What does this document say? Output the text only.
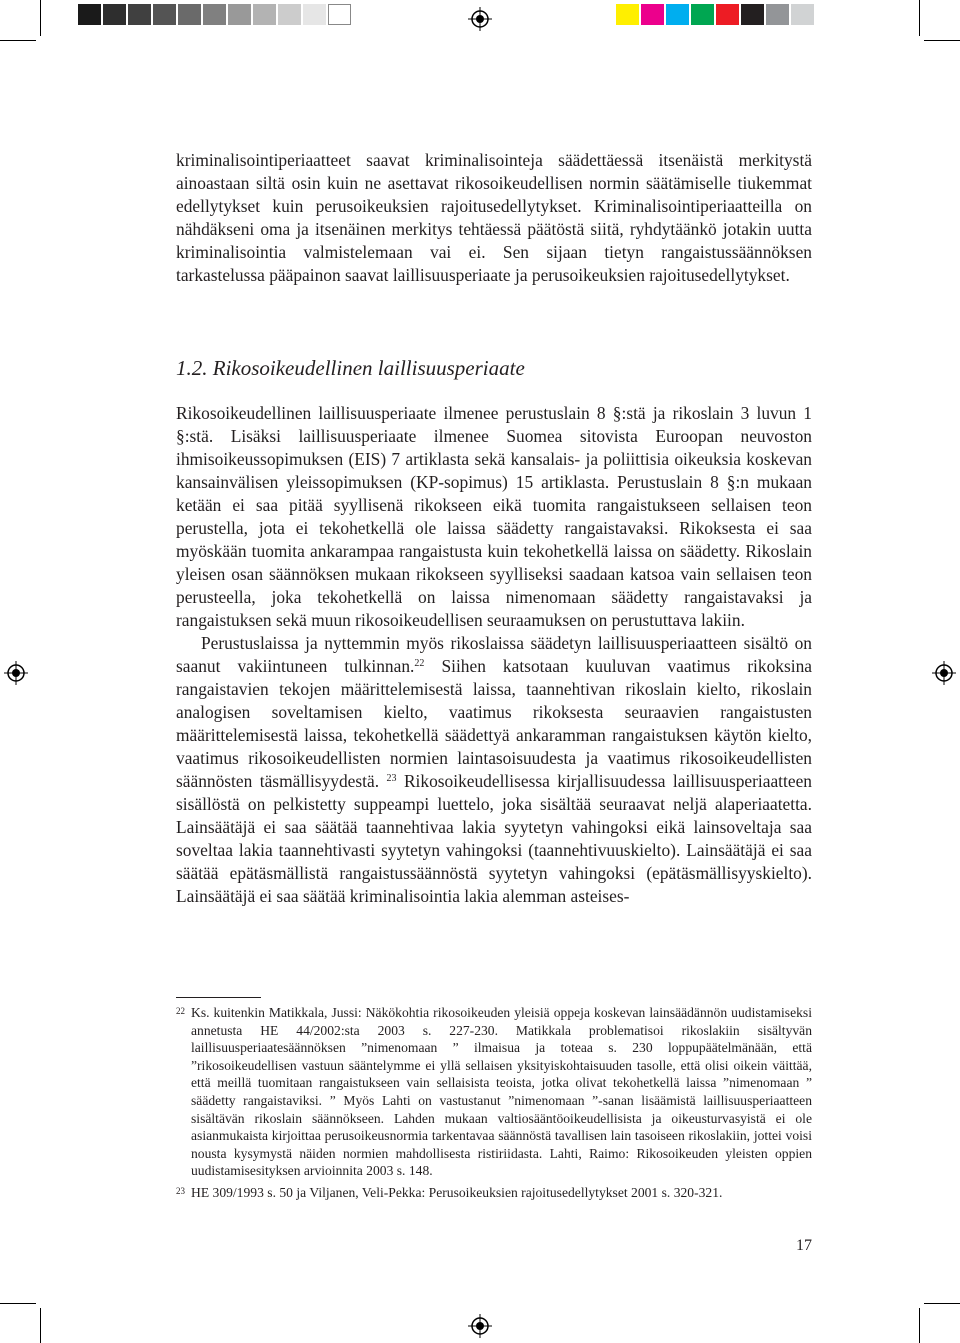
kriminalisointiperiaatteet saavat kriminalisointeja säädettäessä itsenäistä merkitystä ainoastaan siltä osin kuin ne asettavat rikosoikeudellisen normin säätämiselle tiukemmat edellytykset kuin perusoikeuksien rajoitusedellytykset. Kriminalisointiperiaatteilla on nähdäkseni oma ja itsenäinen merkitys tehtäessä päätöstä siitä, ryhdytäänkö jotakin uutta kriminalisointia valmistelemaan vai ei. Sen sijaan tietyn rangaistussäännöksen tarkastelussa pääpainon saavat laillisuusperiaate ja perusoikeuksien rajoitusedellytykset.

1.2. Rikosoikeudellinen laillisuusperiaate

Rikosoikeudellinen laillisuusperiaate ilmenee perustuslain 8 §:stä ja rikoslain 3 luvun 1 §:stä. Lisäksi laillisuusperiaate ilmenee Suomea sitovista Euroopan neuvoston ihmisoikeussopimuksen (EIS) 7 artiklasta sekä kansalais- ja poliittisia oikeuksia koskevan kansainvälisen yleissopimuksen (KP-sopimus) 15 artiklasta. Perustuslain 8 §:n mukaan ketään ei saa pitää syyllisenä rikokseen eikä tuomita rangaistukseen sellaisen teon perustella, jota ei tekohetkellä ole laissa säädetty rangaistavaksi. Rikoksesta ei saa myöskään tuomita ankarampaa rangaistusta kuin tekohetkellä laissa on säädetty. Rikoslain yleisen osan säännöksen mukaan rikokseen syylliseksi saadaan katsoa vain sellaisen teon perusteella, joka tekohetkellä on laissa nimenomaan säädetty rangaistavaksi ja rangaistuksen sekä muun rikosoikeudellisen seuraamuksen on perustuttava lakiin.

Perustuslaissa ja nyttemmin myös rikoslaissa säädetyn laillisuusperiaatteen sisältö on saanut vakiintuneen tulkinnan.$^{22}$ Siihen katsotaan kuuluvan vaatimus rikoksina rangaistavien tekojen määrittelemisestä laissa, taannehtivan rikoslain kielto, rikoslain analogisen soveltamisen kielto, vaatimus rikoksesta seuraavien rangaistusten määrittelemisestä laissa, tekohetkellä säädettyä ankaramman rangaistuksen käytön kielto, vaatimus rikosoikeudellisten normien laintasoisuudesta ja vaatimus rikosoikeudellisten säännösten täsmällisyydestä. $^{23}$ Rikosoikeudellisessa kirjallisuudessa laillisuusperiaatteen sisällöstä on pelkistetty suppeampi luettelo, joka sisältää seuraavat neljä alaperiaatetta. Lainsäätäjä ei saa säätää taannehtivaa lakia syytetyn vahingoksi eikä lainsoveltaja saa soveltaa lakia taannehtivasti syytetyn vahingoksi (taannehtivuuskielto). Lainsäätäjä ei saa säätää epätäsmällistä rangaistussäännöstä syytetyn vahingoksi (epätäsmällisyyskielto). Lainsäätäjä ei saa säätää kriminalisointia lakia alemman asteises-

22 Ks. kuitenkin Matikkala, Jussi: Näkökohtia rikosoikeuden yleisiä oppeja koskevan lainsäädännön uudistamiseksi annetusta HE 44/2002:sta 2003 s. 227-230. Matikkala problematisoi rikoslakiin sisältyvän laillisuusperiaatesäännöksen ”nimenomaan ” ilmaisua ja toteaa s. 230 loppupäätelmänään, että ”rikosoikeudellisen vastuun sääntelymme ei yllä sellaisen yksityiskohtaisuuden tasolle, että olisi oikein väittää, että meillä tuomitaan rangaistukseen vain sellaisista teoista, jotka olivat tekohetkellä laissa ”nimenomaan ” säädetty rangaistaviksi. ” Myös Lahti on vastustanut ”nimenomaan ”-sanan lisäämistä laillisuusperiaatteen sisältävän rikoslain säännökseen. Lahden mukaan valtiosääntöoikeudellisista ja oikeusturvasyistä ei ole asianmukaista kirjoittaa perusoikeusnormia tarkentavaa säännöstä tavallisen lain tasoiseen rikoslakiin, jottei voisi nousta kysymystä näiden normien mahdollisesta ristiriidasta. Lahti, Raimo: Rikosoikeuden yleisten oppien uudistamisesityksen arvioinnita 2003 s. 148.
23 HE 309/1993 s. 50 ja Viljanen, Veli-Pekka: Perusoikeuksien rajoitusedellytykset 2001 s. 320-321.
17
